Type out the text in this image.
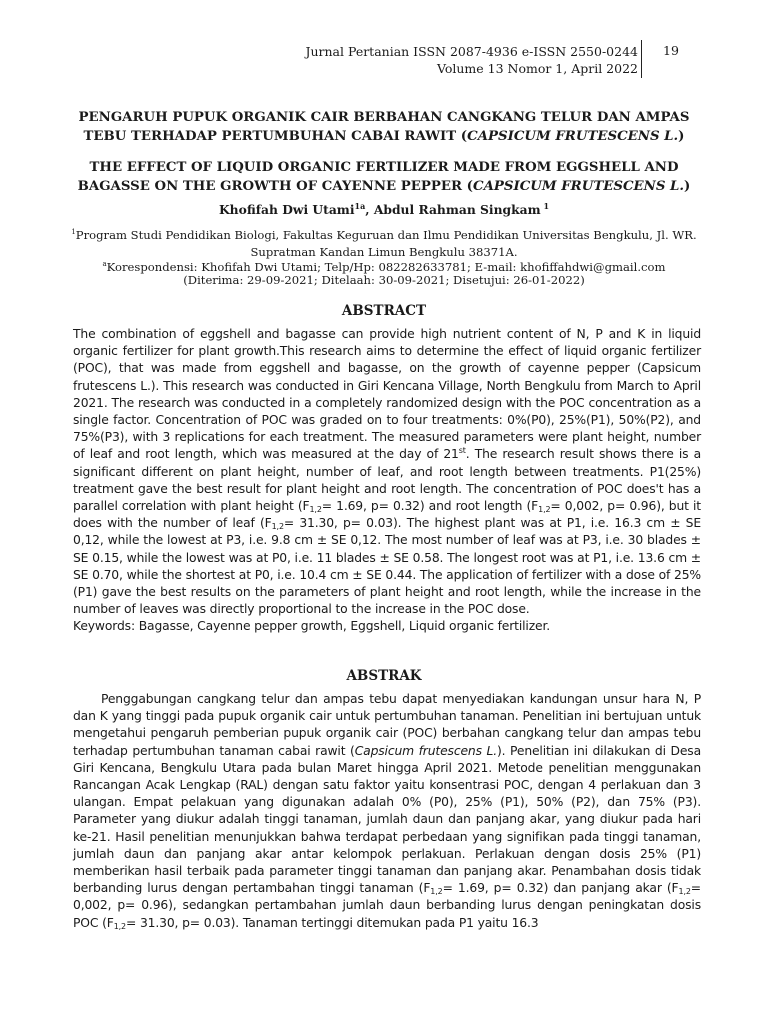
Jurnal Pertanian ISSN 2087-4936 e-ISSN 2550-0244
Volume 13 Nomor 1, April 2022
19
PENGARUH PUPUK ORGANIK CAIR BERBAHAN CANGKANG TELUR DAN AMPAS TEBU TERHADAP PERTUMBUHAN CABAI RAWIT (CAPSICUM FRUTESCENS L.)
THE EFFECT OF LIQUID ORGANIC FERTILIZER MADE FROM EGGSHELL AND BAGASSE ON THE GROWTH OF CAYENNE PEPPER (CAPSICUM FRUTESCENS L.)
Khofifah Dwi Utami$^{1a}$, Abdul Rahman Singkam $^1$
$^1$Program Studi Pendidikan Biologi, Fakultas Keguruan dan Ilmu Pendidikan Universitas Bengkulu, Jl. WR. Supratman Kandan Limun Bengkulu 38371A.
$^a$Korespondensi: Khofifah Dwi Utami; Telp/Hp: 082282633781; E-mail: khofiffahdwi@gmail.com
(Diterima: 29-09-2021; Ditelaah: 30-09-2021; Disetujui: 26-01-2022)
ABSTRACT

The combination of eggshell and bagasse can provide high nutrient content of N, P and K in liquid organic fertilizer for plant growth.This research aims to determine the effect of liquid organic fertilizer (POC), that was made from eggshell and bagasse, on the growth of cayenne pepper (Capsicum frutescens L.). This research was conducted in Giri Kencana Village, North Bengkulu from March to April 2021. The research was conducted in a completely randomized design with the POC concentration as a single factor. Concentration of POC was graded on to four treatments: 0%(P0), 25%(P1), 50%(P2), and 75%(P3), with 3 replications for each treatment. The measured parameters were plant height, number of leaf and root length, which was measured at the day of 21st. The research result shows there is a significant different on plant height, number of leaf, and root length between treatments. P1(25%) treatment gave the best result for plant height and root length. The concentration of POC does't has a parallel correlation with plant height ($F_{1,2}= 1.69$, p= 0.32) and root length ($F_{1,2}= 0,002$, p= 0.96), but it does with the number of leaf ($F_{1,2}= 31.30$, p= 0.03). The highest plant was at P1, i.e. 16.3 cm ± SE 0,12, while the lowest at P3, i.e. 9.8 cm ± SE 0,12. The most number of leaf was at P3, i.e. 30 blades ± SE 0.15, while the lowest was at P0, i.e. 11 blades ± SE 0.58. The longest root was at P1, i.e. 13.6 cm ± SE 0.70, while the shortest at P0, i.e. 10.4 cm ± SE 0.44. The application of fertilizer with a dose of 25% (P1) gave the best results on the parameters of plant height and root length, while the increase in the number of leaves was directly proportional to the increase in the POC dose.

Keywords: Bagasse, Cayenne pepper growth, Eggshell, Liquid organic fertilizer.

ABSTRAK

Penggabungan cangkang telur dan ampas tebu dapat menyediakan kandungan unsur hara N, P dan K yang tinggi pada pupuk organik cair untuk pertumbuhan tanaman. Penelitian ini bertujuan untuk mengetahui pengaruh pemberian pupuk organik cair (POC) berbahan cangkang telur dan ampas tebu terhadap pertumbuhan tanaman cabai rawit (Capsicum frutescens L.). Penelitian ini dilakukan di Desa Giri Kencana, Bengkulu Utara pada bulan Maret hingga April 2021. Metode penelitian menggunakan Rancangan Acak Lengkap (RAL) dengan satu faktor yaitu konsentrasi POC, dengan 4 perlakuan dan 3 ulangan. Empat pelakuan yang digunakan adalah 0% (P0), 25% (P1), 50% (P2), dan 75% (P3). Parameter yang diukur adalah tinggi tanaman, jumlah daun dan panjang akar, yang diukur pada hari ke-21. Hasil penelitian menunjukkan bahwa terdapat perbedaan yang signifikan pada tinggi tanaman, jumlah daun dan panjang akar antar kelompok perlakuan. Perlakuan dengan dosis 25% (P1) memberikan hasil terbaik pada parameter tinggi tanaman dan panjang akar. Penambahan dosis tidak berbanding lurus dengan pertambahan tinggi tanaman ($F_{1,2}= 1.69$, p= 0.32) dan panjang akar ($F_{1,2}= 0,002$, p= 0.96), sedangkan pertambahan jumlah daun berbanding lurus dengan peningkatan dosis POC ($F_{1,2}= 31.30$, p= 0.03). Tanaman tertinggi ditemukan pada P1 yaitu 16.3
